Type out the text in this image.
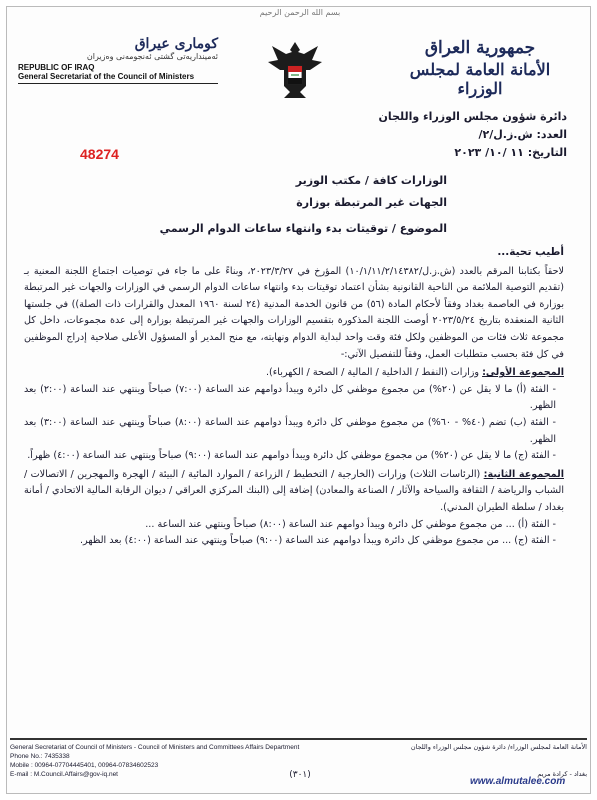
بسم الله الرحمن الرحيم
جمهورية العراق
الأمانة العامة لمجلس الوزراء
كومارى عيراق
ئەمینداریه‌تى گشتى ئه‌نجومه‌نى وه‌زیران
REPUBLIC OF IRAQ
General Secretariat of the Council of Ministers
دائرة شؤون مجلس الوزراء واللجان
العدد: ش.ز.ل/٢/
التاريخ: ١١ /١٠/ ٢٠٢٣
48274
الوزارات كافة / مكتب الوزير
الجهات غير المرتبطة بوزارة
الموضوع / توقيتات بدء وانتهاء ساعات الدوام الرسمي

أطيب تحية...

لاحقاً بكتابنا المرقم بالعدد (ش.ز.ل/١٠/١/١١/٢/١٤٣٨٢) المؤرخ في ٢٠٢٣/٣/٢٧، وبناءً على ما جاء في توصيات اجتماع اللجنة المعنية بـ (تقديم التوصية الملائمة من الناحية القانونية بشأن اعتماد توقيتات بدء وانتهاء ساعات الدوام الرسمي في الوزارات والجهات غير المرتبطة بوزارة في العاصمة بغداد وفقاً لأحكام المادة (٥٦) من قانون الخدمة المدنية (٢٤ لسنة ١٩٦٠ المعدل والقرارات ذات الصلة)) في جلستها الثانية المنعقدة بتاريخ ٢٠٢٣/٥/٢٤ أوصت اللجنة المذكورة بتقسيم الوزارات والجهات غير المرتبطة بوزارة إلى عدة مجموعات، داخل كل مجموعة ثلاث فئات من الموظفين ولكل فئة وقت واحد لبداية الدوام ونهايته، مع منح المدير أو المسؤول الأعلى صلاحية إدراج الموظفين في كل فئة بحسب متطلبات العمل، وفقاً للتفصيل الآتي:-

المجموعة الأولى: وزارات (النفط / الداخلية / المالية / الصحة / الكهرباء).

- الفئة (أ) ما لا يقل عن (٢٠%) من مجموع موظفي كل دائرة ويبدأ دوامهم عند الساعة (٧:٠٠) صباحاً وينتهي عند الساعة (٢:٠٠) بعد الظهر.

- الفئة (ب) تضم (٤٠% - ٦٠%) من مجموع موظفي كل دائرة ويبدأ دوامهم عند الساعة (٨:٠٠) صباحاً وينتهي عند الساعة (٣:٠٠) بعد الظهر.

- الفئة (ج) ما لا يقل عن (٢٠%) من مجموع موظفي كل دائرة ويبدأ دوامهم عند الساعة (٩:٠٠) صباحاً وينتهي عند الساعة (٤:٠٠) ظهراً.

المجموعة الثانية: (الرئاسات الثلاث) وزارات (الخارجية / التخطيط / الزراعة / الموارد المائية / البيئة / الهجرة والمهجرين / الاتصالات / الشباب والرياضة / الثقافة والسياحة والآثار / الصناعة والمعادن) إضافة إلى (البنك المركزي العراقي / ديوان الرقابة المالية الاتحادي / أمانة بغداد / سلطة الطيران المدني).

- الفئة (أ) ... من مجموع موظفي كل دائرة ويبدأ دوامهم عند الساعة (٨:٠٠) صباحاً وينتهي عند الساعة ...

- الفئة (ج) ... من مجموع موظفي كل دائرة ويبدأ دوامهم عند الساعة (٩:٠٠) صباحاً وينتهي عند الساعة (٤:٠٠) بعد الظهر.

General Secretariat of Council of Ministers - Council of Ministers and Committees Affairs Department	الأمانة العامة لمجلس الوزراء/ دائرة شؤون مجلس الوزراء واللجان
Phone No.: 7435338
Mobile : 00964-07704445401, 00964-07834602523
E-mail : M.Council.Affairs@gov-iq.net	بغداد - كرادة مريم
(٣٠١)
www.almutalee.com
